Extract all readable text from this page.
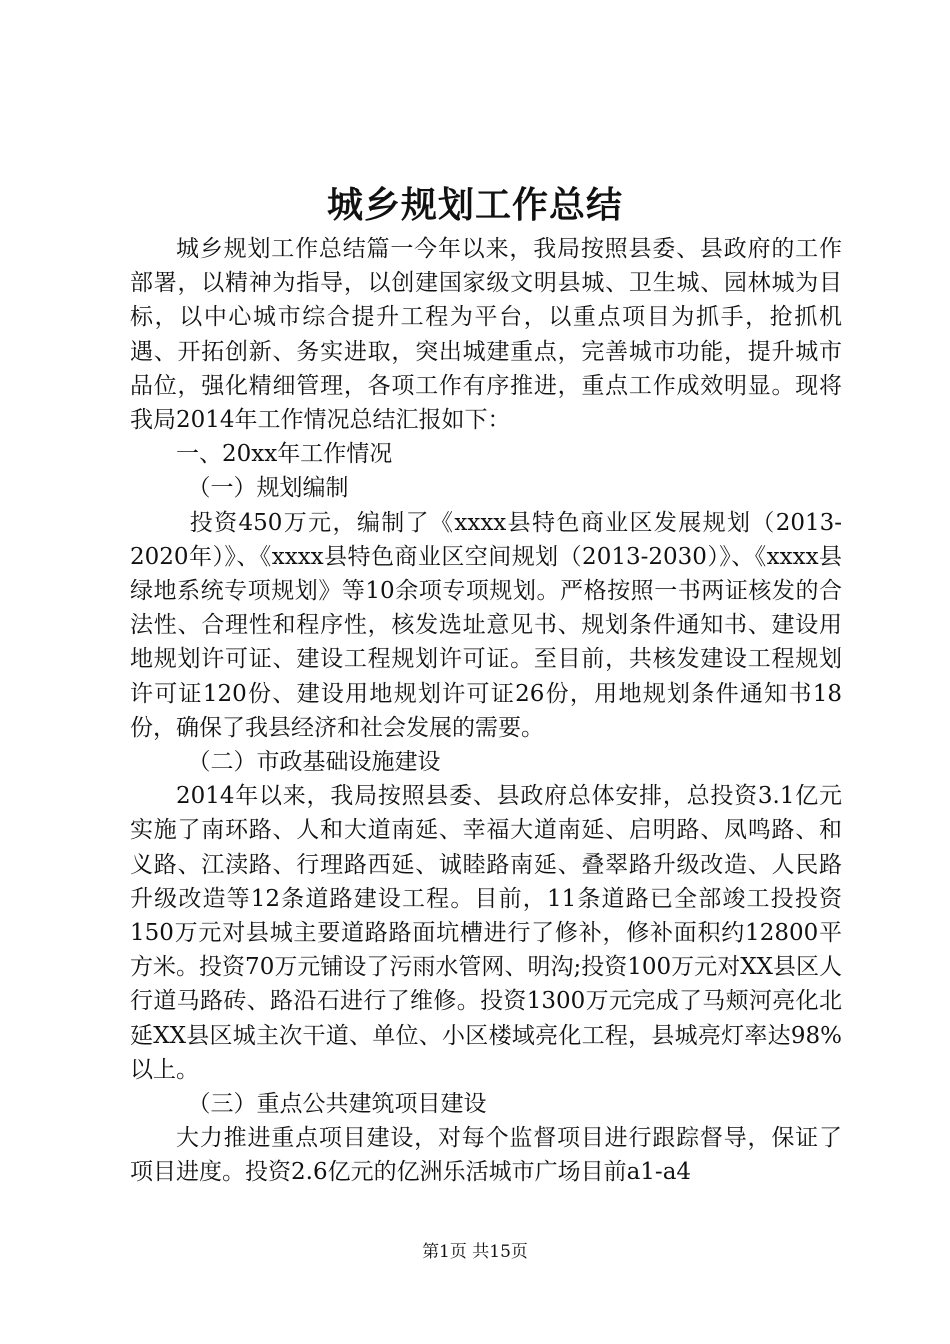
城乡规划工作总结

城乡规划工作总结篇一今年以来，我局按照县委、县政府的工作部署，以精神为指导，以创建国家级文明县城、卫生城、园林城为目标，以中心城市综合提升工程为平台，以重点项目为抓手，抢抓机遇、开拓创新、务实进取，突出城建重点，完善城市功能，提升城市品位，强化精细管理，各项工作有序推进，重点工作成效明显。现将我局2014年工作情况总结汇报如下：

一、20xx年工作情况

（一）规划编制

投资450万元，编制了《xxxx县特色商业区发展规划（2013-2020年）》、《xxxx县特色商业区空间规划（2013-2030）》、《xxxx县绿地系统专项规划》等10余项专项规划。严格按照一书两证核发的合法性、合理性和程序性，核发选址意见书、规划条件通知书、建设用地规划许可证、建设工程规划许可证。至目前，共核发建设工程规划许可证120份、建设用地规划许可证26份，用地规划条件通知书18份，确保了我县经济和社会发展的需要。

（二）市政基础设施建设

2014年以来，我局按照县委、县政府总体安排，总投资3.1亿元实施了南环路、人和大道南延、幸福大道南延、启明路、凤鸣路、和义路、江渎路、行理路西延、诚睦路南延、叠翠路升级改造、人民路升级改造等12条道路建设工程。目前，11条道路已全部竣工投投资150万元对县城主要道路路面坑槽进行了修补，修补面积约12800平方米。投资70万元铺设了污雨水管网、明沟;投资100万元对XX县区人行道马路砖、路沿石进行了维修。投资1300万元完成了马颊河亮化北延XX县区城主次干道、单位、小区楼域亮化工程，县城亮灯率达98%以上。

（三）重点公共建筑项目建设

大力推进重点项目建设，对每个监督项目进行跟踪督导，保证了项目进度。投资2.6亿元的亿洲乐活城市广场目前a1-a4

第1页 共15页
